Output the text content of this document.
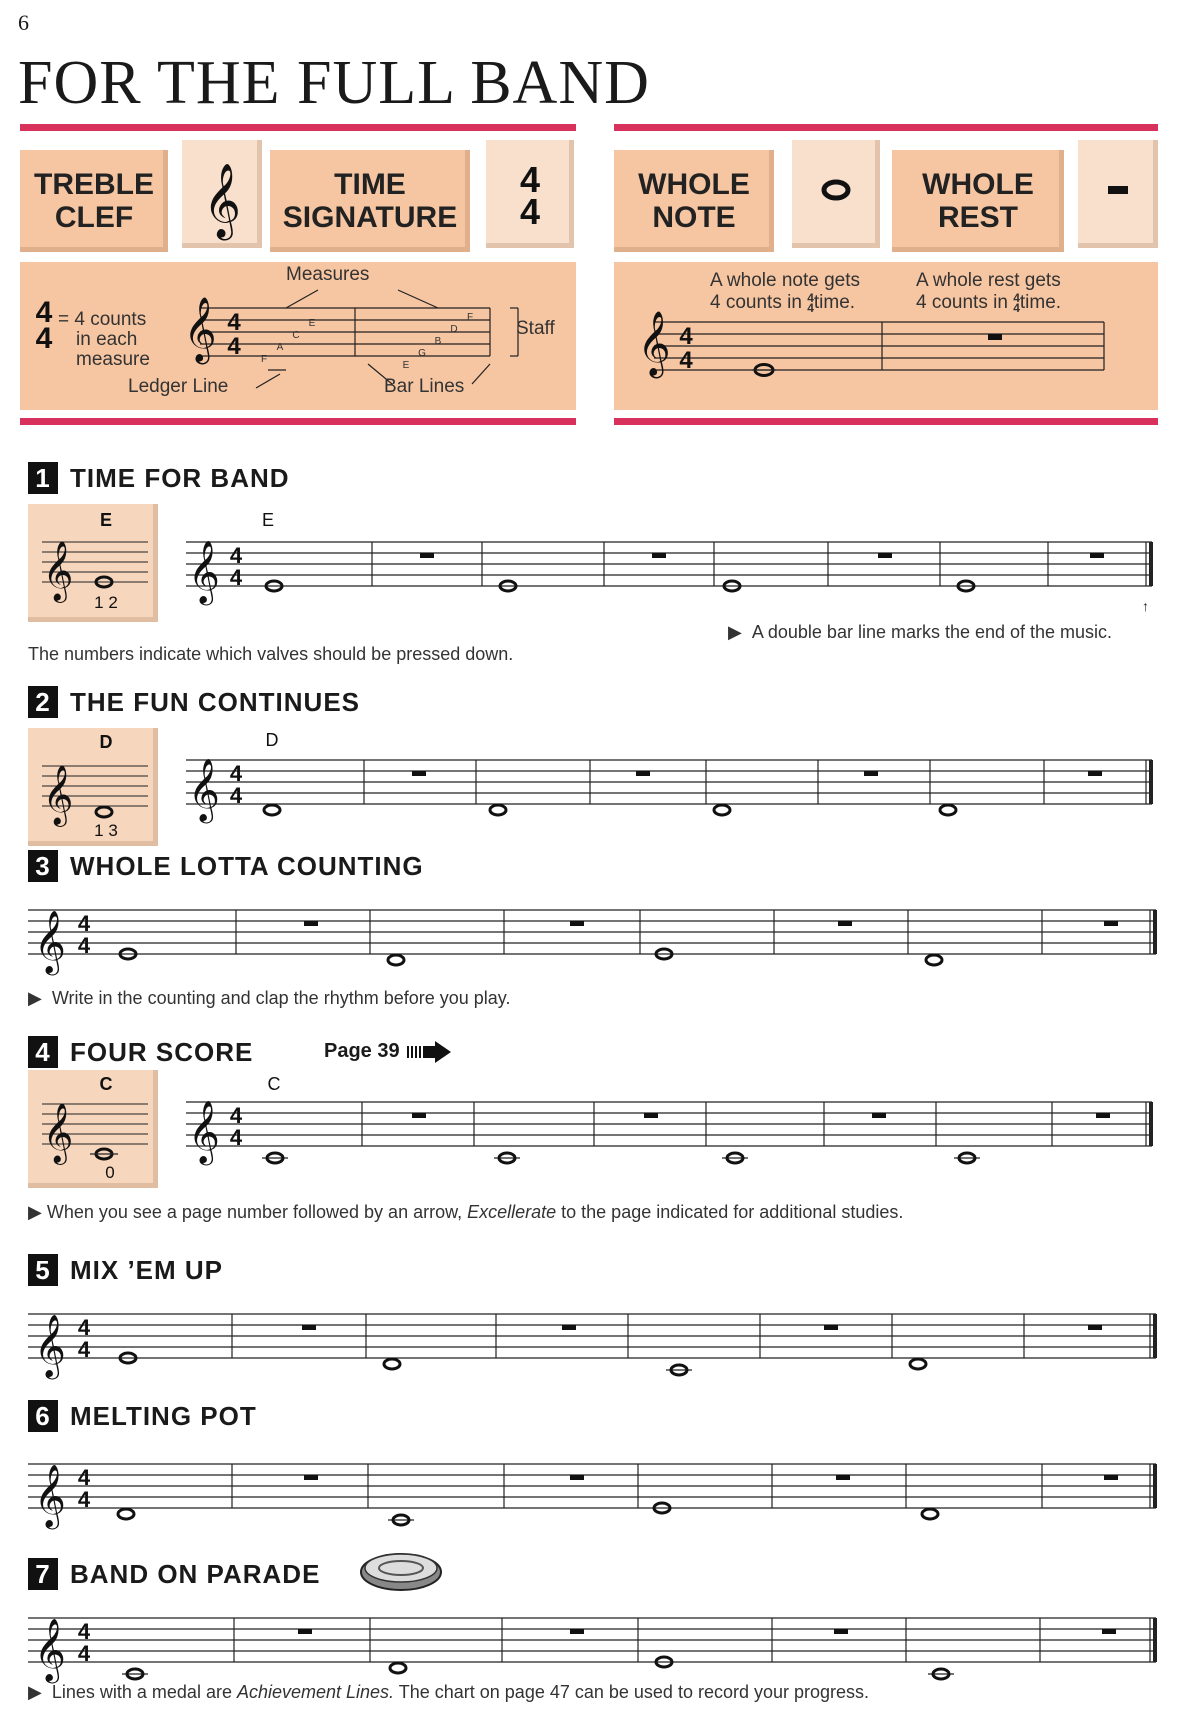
6
FOR THE FULL BAND
TREBLE CLEF	𝄞	TIME SIGNATURE
4
4
4
4 𝄞 4
4 F
A
C
E
E
G
B
D
F
Measures
Staff
Ledger Line	Bar Lines
= 4 counts
in each
measure
WHOLE NOTE
WHOLE REST
𝄞 4
4
A whole note gets
4 counts in 4
4time.
A whole rest gets
4 counts in 4
4time.
1 TIME FOR BAND
𝄞
E
1 2
E
𝄞 4
4
↑
▶  A double bar line marks the end of the music.
The numbers indicate which valves should be pressed down.
2 THE FUN CONTINUES
𝄞
D
1 3
D
𝄞 4
4
3 WHOLE LOTTA COUNTING
𝄞 4
4
▶  Write in the counting and clap the rhythm before you play.
4 FOUR SCORE	Page 39
𝄞
C
0
C
𝄞 4
4
▶ When you see a page number followed by an arrow, Excellerate to the page indicated for additional studies.
5 MIX ’EM UP
𝄞 4
4
6 MELTING POT
𝄞 4
4
7 BAND ON PARADE
𝄞 4
4
▶  Lines with a medal are Achievement Lines. The chart on page 47 can be used to record your progress.
